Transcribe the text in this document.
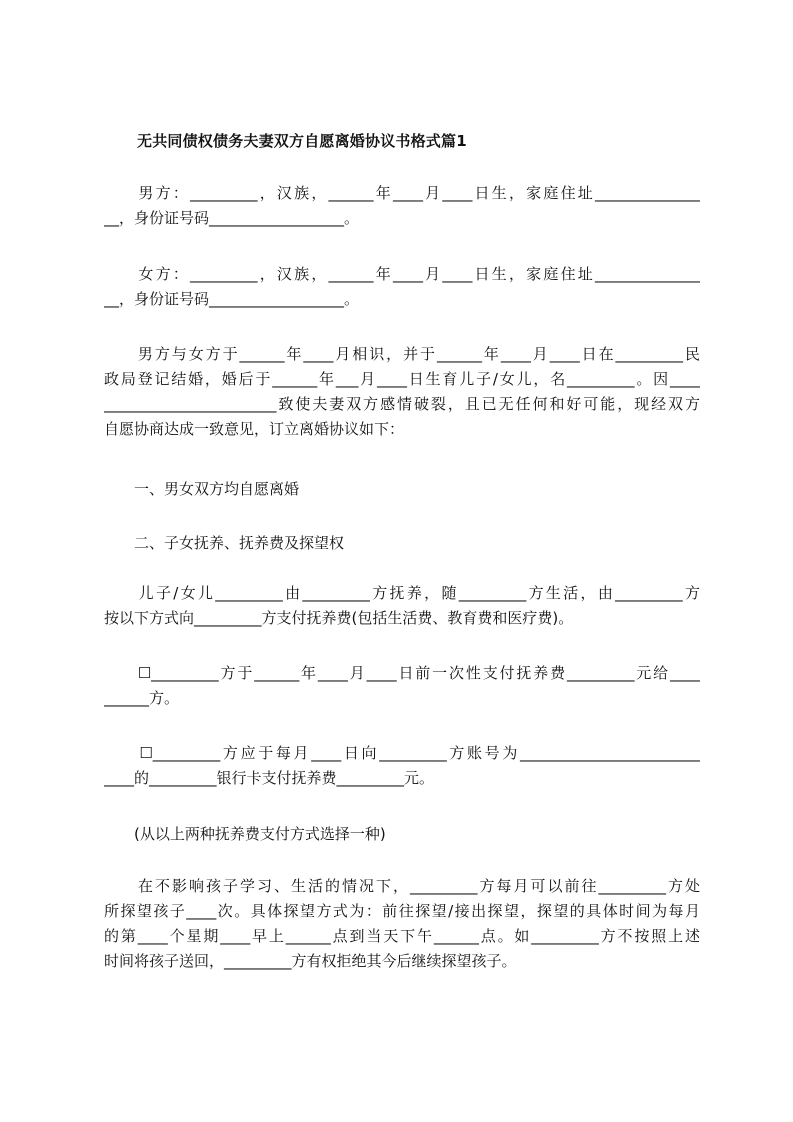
无共同债权债务夫妻双方自愿离婚协议书格式篇1
　　男方：_________，汉族，______年____月____日生，家庭住址______________
__，身份证号码__________________。
　　女方：_________，汉族，______年____月____日生，家庭住址______________
__，身份证号码__________________。
　　男方与女方于______年____月相识，并于______年____月____日在_________民
政局登记结婚，婚后于______年___月____日生育儿子/女儿，名_________。因____
_______________________致使夫妻双方感情破裂，且已无任何和好可能，现经双方
自愿协商达成一致意见，订立离婚协议如下：
　　一、男女双方均自愿离婚
　　二、子女抚养、抚养费及探望权
　　儿子/女儿_________由_________方抚养，随_________方生活，由_________方
按以下方式向_________方支付抚养费(包括生活费、教育费和医疗费)。
　　☐_________方于______年____月____日前一次性支付抚养费_________元给____
______方。
　　☐_________方应于每月____日向_________方账号为________________________
____的_________银行卡支付抚养费_________元。
　　(从以上两种抚养费支付方式选择一种)
　　在不影响孩子学习、生活的情况下，_________方每月可以前往_________方处
所探望孩子____次。具体探望方式为：前往探望/接出探望，探望的具体时间为每月
的第____个星期____早上______点到当天下午______点。如_________方不按照上述
时间将孩子送回，_________方有权拒绝其今后继续探望孩子。
